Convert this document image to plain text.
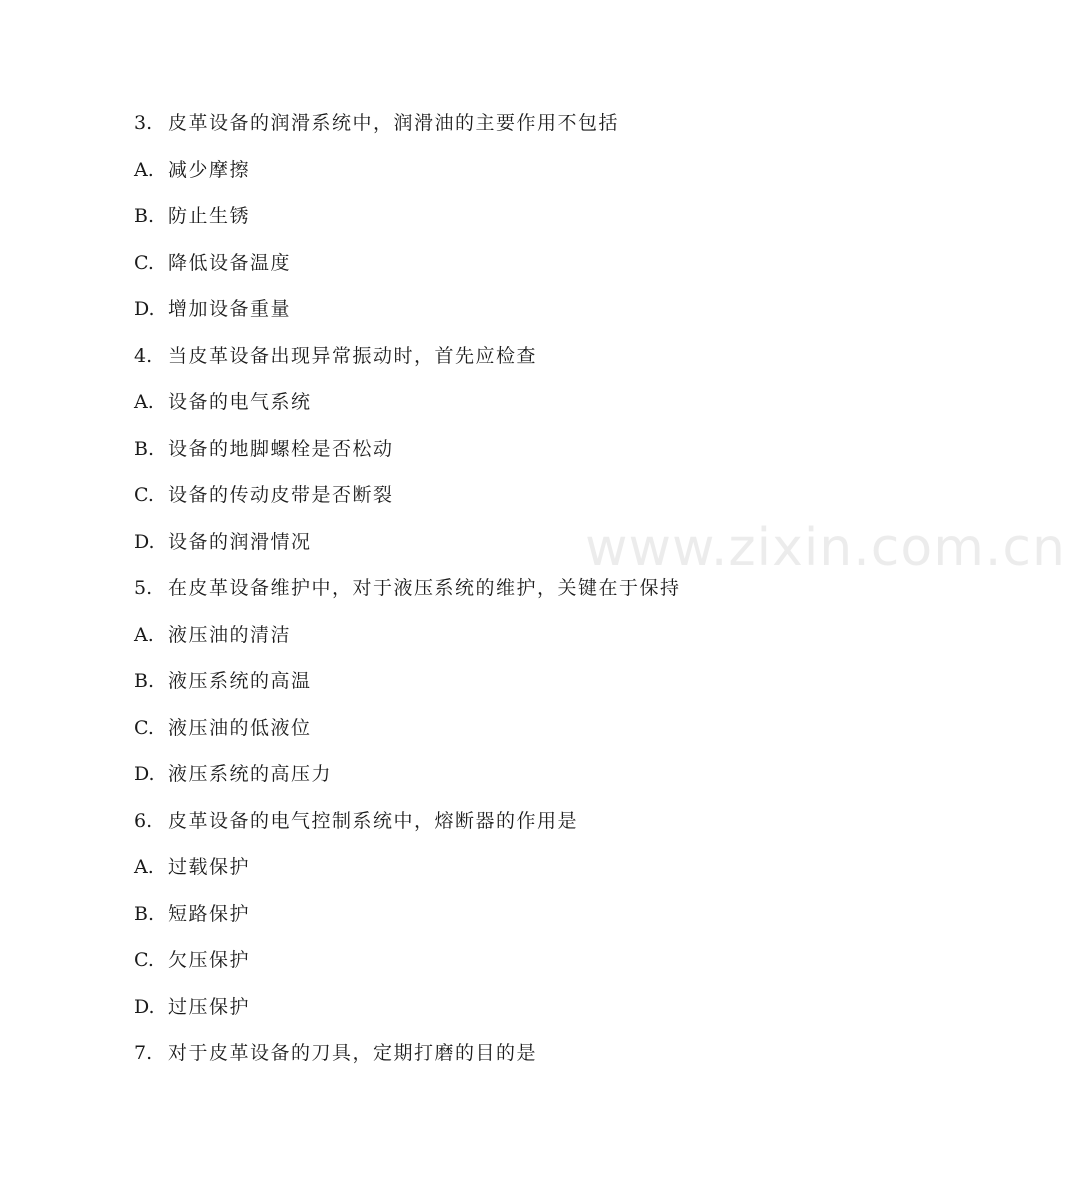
3. 皮革设备的润滑系统中，润滑油的主要作用不包括
A. 减少摩擦
B. 防止生锈
C. 降低设备温度
D. 增加设备重量
4. 当皮革设备出现异常振动时，首先应检查
A. 设备的电气系统
B. 设备的地脚螺栓是否松动
C. 设备的传动皮带是否断裂
D. 设备的润滑情况
5. 在皮革设备维护中，对于液压系统的维护，关键在于保持
A. 液压油的清洁
B. 液压系统的高温
C. 液压油的低液位
D. 液压系统的高压力
6. 皮革设备的电气控制系统中，熔断器的作用是
A. 过载保护
B. 短路保护
C. 欠压保护
D. 过压保护
7. 对于皮革设备的刀具，定期打磨的目的是
www.zixin.com.cn
